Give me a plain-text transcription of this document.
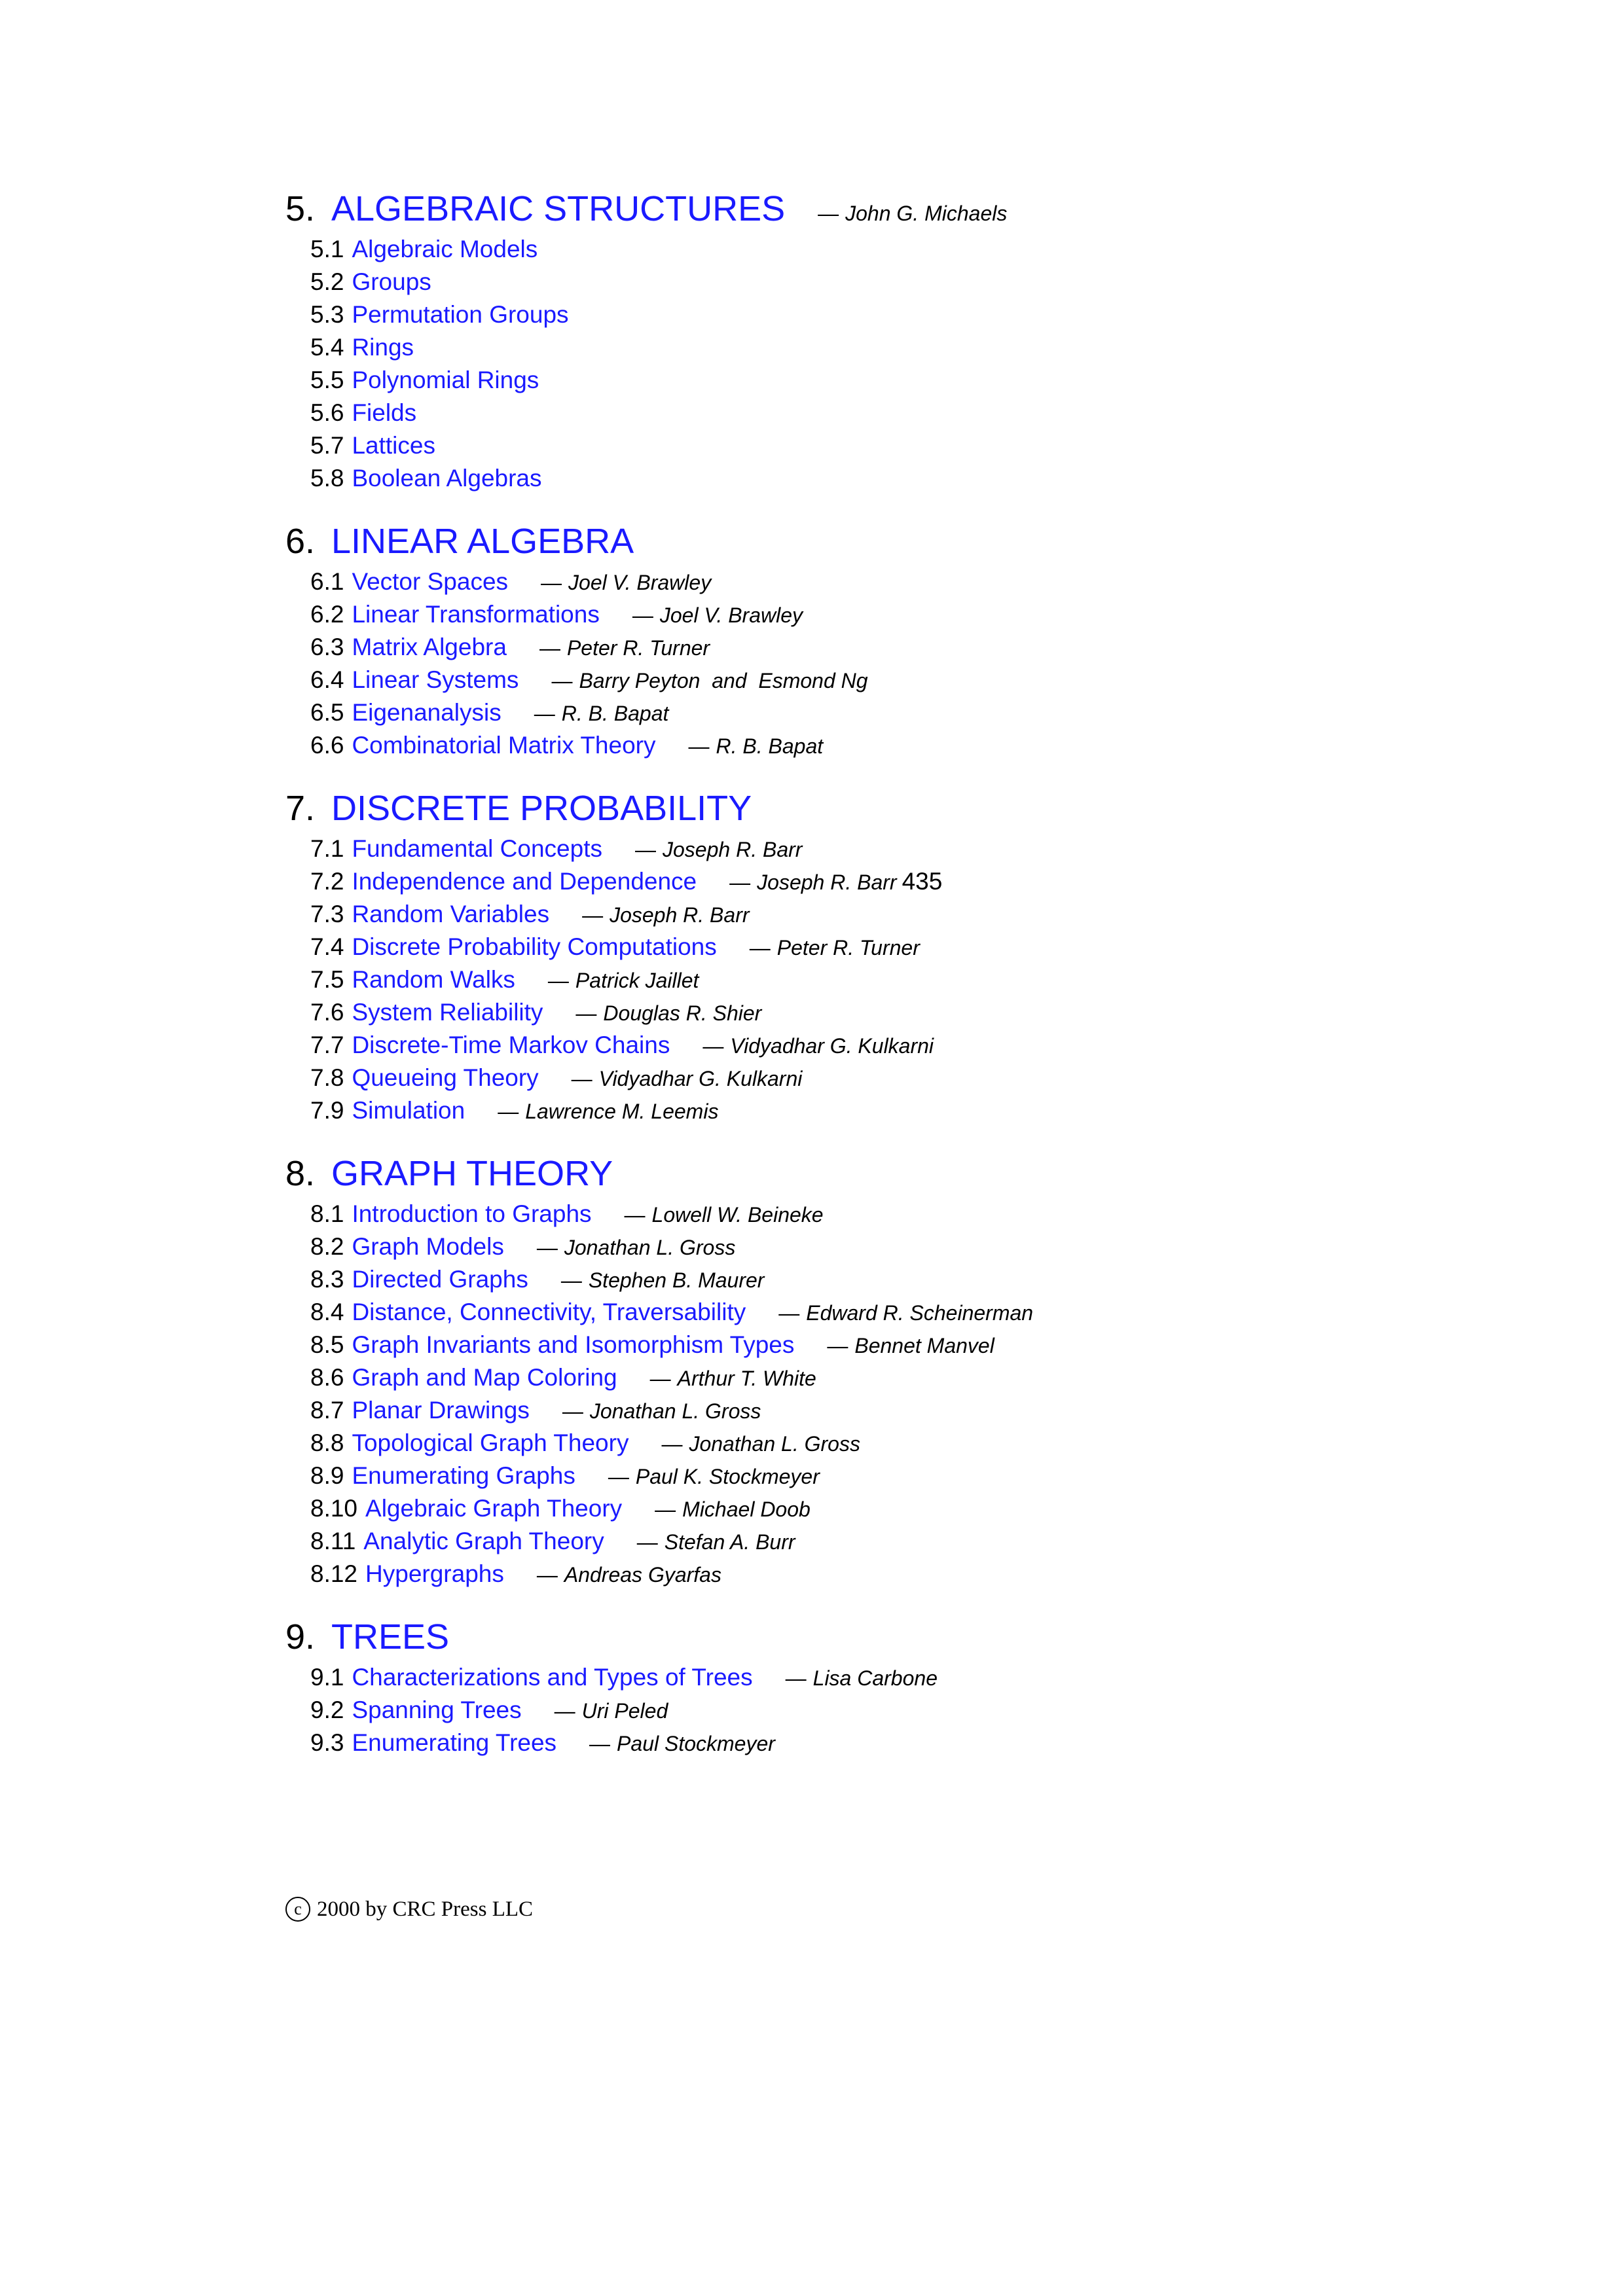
5. ALGEBRAIC STRUCTURES — John G. Michaels
5.1 Algebraic Models
5.2 Groups
5.3 Permutation Groups
5.4 Rings
5.5 Polynomial Rings
5.6 Fields
5.7 Lattices
5.8 Boolean Algebras
6. LINEAR ALGEBRA
6.1 Vector Spaces — Joel V. Brawley
6.2 Linear Transformations — Joel V. Brawley
6.3 Matrix Algebra — Peter R. Turner
6.4 Linear Systems — Barry Peyton  and  Esmond Ng
6.5 Eigenanalysis — R. B. Bapat
6.6 Combinatorial Matrix Theory — R. B. Bapat
7. DISCRETE PROBABILITY
7.1 Fundamental Concepts — Joseph R. Barr
7.2 Independence and Dependence — Joseph R. Barr 435
7.3 Random Variables — Joseph R. Barr
7.4 Discrete Probability Computations — Peter R. Turner
7.5 Random Walks — Patrick Jaillet
7.6 System Reliability — Douglas R. Shier
7.7 Discrete-Time Markov Chains — Vidyadhar G. Kulkarni
7.8 Queueing Theory — Vidyadhar G. Kulkarni
7.9 Simulation — Lawrence M. Leemis
8. GRAPH THEORY
8.1 Introduction to Graphs — Lowell W. Beineke
8.2 Graph Models — Jonathan L. Gross
8.3 Directed Graphs — Stephen B. Maurer
8.4 Distance, Connectivity, Traversability — Edward R. Scheinerman
8.5 Graph Invariants and Isomorphism Types — Bennet Manvel
8.6 Graph and Map Coloring — Arthur T. White
8.7 Planar Drawings — Jonathan L. Gross
8.8 Topological Graph Theory — Jonathan L. Gross
8.9 Enumerating Graphs — Paul K. Stockmeyer
8.10 Algebraic Graph Theory — Michael Doob
8.11 Analytic Graph Theory — Stefan A. Burr
8.12 Hypergraphs — Andreas Gyarfas
9. TREES
9.1 Characterizations and Types of Trees — Lisa Carbone
9.2 Spanning Trees — Uri Peled
9.3 Enumerating Trees — Paul Stockmeyer
c 2000 by CRC Press LLC
